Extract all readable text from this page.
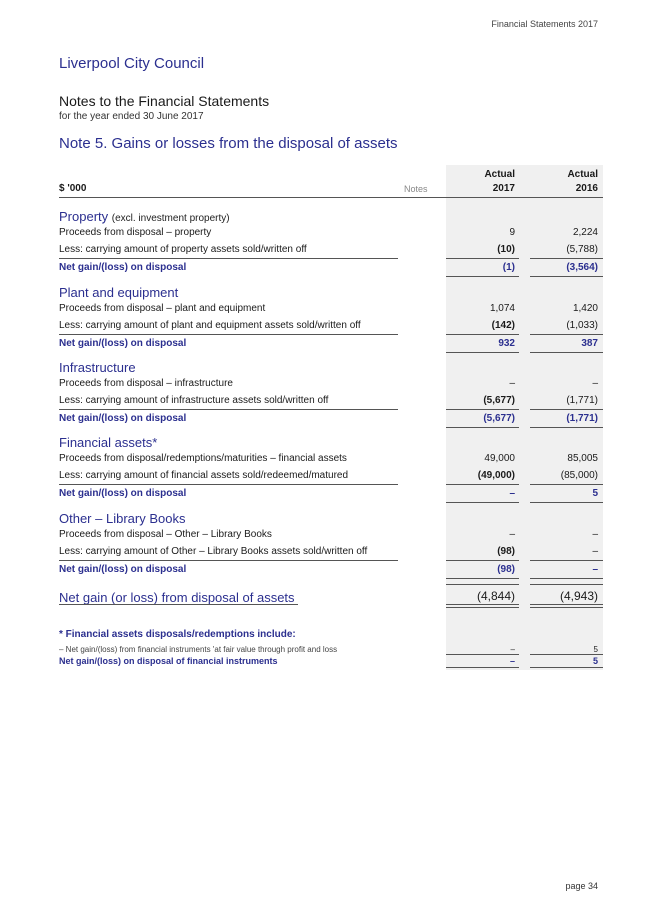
Financial Statements 2017
Liverpool City Council
Notes to the Financial Statements
for the year ended 30 June 2017
Note 5. Gains or losses from the disposal of assets
Actual	Actual
$ '000	Notes	2017	2016
Property (excl. investment property)
Proceeds from disposal – property	9	2,224
Less: carrying amount of property assets sold/written off	(10)	(5,788)
Net gain/(loss) on disposal	(1)	(3,564)
Plant and equipment
Proceeds from disposal – plant and equipment	1,074	1,420
Less: carrying amount of plant and equipment assets sold/written off	(142)	(1,033)
Net gain/(loss) on disposal	932	387
Infrastructure
Proceeds from disposal – infrastructure	–	–
Less: carrying amount of infrastructure assets sold/written off	(5,677)	(1,771)
Net gain/(loss) on disposal	(5,677)	(1,771)
Financial assets*
Proceeds from disposal/redemptions/maturities – financial assets	49,000	85,005
Less: carrying amount of financial assets sold/redeemed/matured	(49,000)	(85,000)
Net gain/(loss) on disposal	–	5
Other – Library Books
Proceeds from disposal – Other – Library Books	–	–
Less: carrying amount of Other – Library Books assets sold/written off	(98)	–
Net gain/(loss) on disposal	(98)	–
Net gain (or loss) from disposal of assets	(4,844)	(4,943)
* Financial assets disposals/redemptions include:
– Net gain/(loss) from financial instruments 'at fair value through profit and loss	–	5
Net gain/(loss) on disposal of financial instruments	–	5
page 34
